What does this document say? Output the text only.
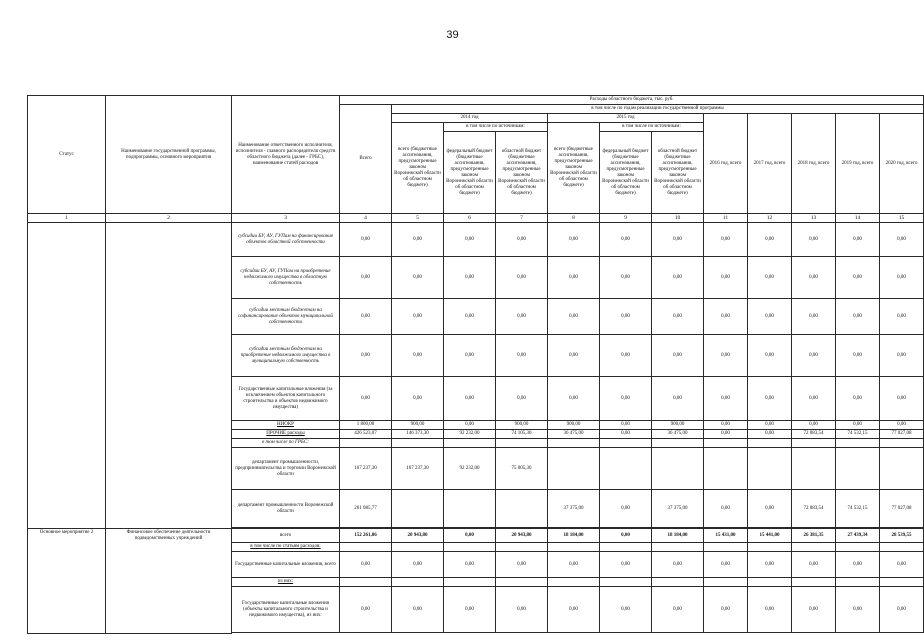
39
Статус	Наименование государственной программы, подпрограммы, основного мероприятия	Наименование ответственного исполнителя, исполнителя - главного распорядителя средств областного бюджета (далее - ГРБС), наименование статей расходов	Расходы областного бюджета, тыс. руб.											
			Всего	в том числе по годам реализации государственной программы										
				2014 год			2015 год			2016 год, всего	2017 год, всего	2018 год, всего	2019 год, всего	2020 год, всего
				всего (бюджетные ассигнования, предусмотренные законом Воронежской области об областном бюджете)	в том числе по источникам:		всего (бюджетные ассигнования, предусмотренные законом Воронежской области об областном бюджете)	в том числе по источникам:						
					федеральный бюджет (бюджетные ассигнования, предусмотренные законом Воронежской области об областном бюджете)	областной бюджет (бюджетные ассигнования, предусмотренные законом Воронежской области об областном бюджете)		федеральный бюджет (бюджетные ассигнования, предусмотренные законом Воронежской области об областном бюджете)	областной бюджет (бюджетные ассигнования, предусмотренные законом Воронежской области об областном бюджете)					
1	2	3	4	5	6	7	8	9	10	11	12	13	14	15
		субсидии БУ, АУ, ГУПам на финансирование объектов областной собственности	0,00	0,00	0,00	0,00	0,00	0,00	0,00	0,00	0,00	0,00	0,00	0,00
		субсидии БУ, АУ, ГУПам на приобретение недвижимого имущества в областную собственность	0,00	0,00	0,00	0,00	0,00	0,00	0,00	0,00	0,00	0,00	0,00	0,00
		субсидии местным бюджетам на софинансирование объектов муниципальной собственности	0,00	0,00	0,00	0,00	0,00	0,00	0,00	0,00	0,00	0,00	0,00	0,00
		субсидии местным бюджетам на приобретение недвижимого имущества в муниципальную собственность	0,00	0,00	0,00	0,00	0,00	0,00	0,00	0,00	0,00	0,00	0,00	0,00
		Государственные капитальные вложения (за исключением объектов капитального строительства и объектов недвижимого имущества)	0,00	0,00	0,00	0,00	0,00	0,00	0,00	0,00	0,00	0,00	0,00	0,00
		НИОКР	1 800,00	900,00	0,00	900,00	900,00	0,00	900,00	0,00	0,00	0,00	0,00	0,00
		ПРОЧИЕ расходы	426 523,07	146 373,30	92 232,00	74 105,30	36 475,00	0,00	36 475,00	0,00	0,00	72 083,54	74 532,15	77 027,08
		в том числе по ГРБС:												
		департамент промышленности, предпринимательства и торговли Воронежской области	167 237,30	167 237,30	92 232,00	75 005,30								
		департамент промышленности Воронежской области	261 085,77				37 375,00	0,00	37 375,00	0,00	0,00	72 083,54	74 532,15	77 027,08

Основное мероприятие 2	Финансовое обеспечение деятельности подведомственных учреждений	всего	152 261,06	20 943,80	0,00	20 943,80	18 184,00	0,00	18 184,00	15 431,00	15 441,00	26 381,35	27 439,34	28 539,55
		в том числе по статьям расходов:												
		Государственные капитальные вложения, всего	0,00	0,00	0,00	0,00	0,00	0,00	0,00	0,00	0,00	0,00	0,00	0,00
		из них:												
		Государственные капитальные вложения (объекты капитального строительства и недвижимого имущества), из них:	0,00	0,00	0,00	0,00	0,00	0,00	0,00	0,00	0,00	0,00	0,00	0,00
